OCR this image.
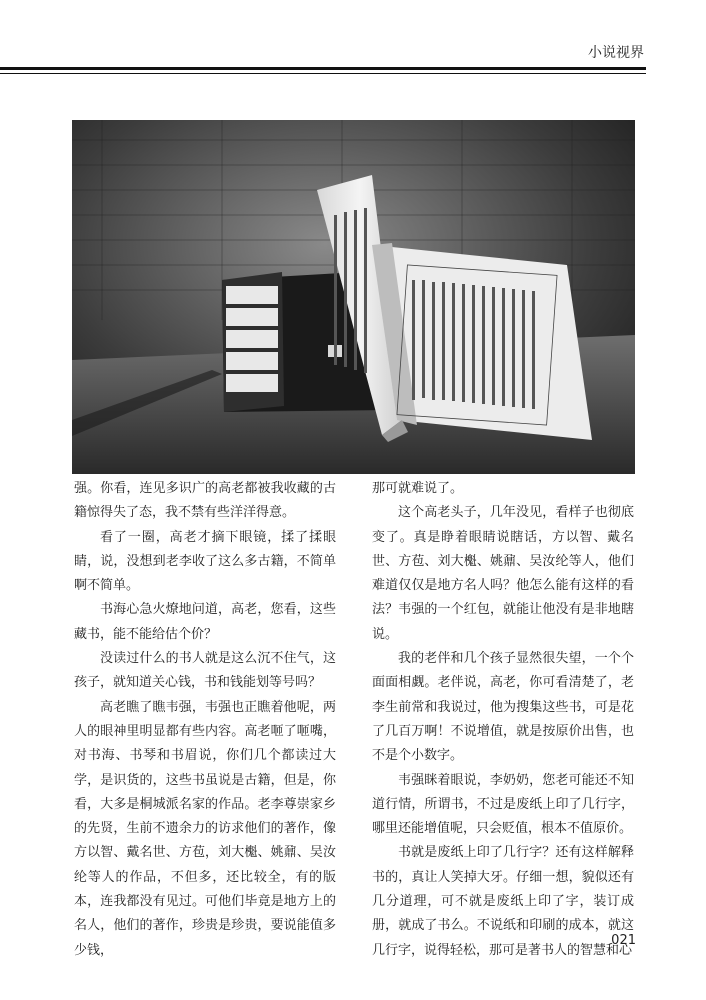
小说视界

强。你看，连见多识广的高老都被我收藏的古籍惊得失了态，我不禁有些洋洋得意。

看了一圈，高老才摘下眼镜，揉了揉眼睛，说，没想到老李收了这么多古籍，不简单啊不简单。

书海心急火燎地问道，高老，您看，这些藏书，能不能给估个价？

没读过什么的书人就是这么沉不住气，这孩子，就知道关心钱，书和钱能划等号吗？

高老瞧了瞧韦强，韦强也正瞧着他呢，两人的眼神里明显都有些内容。高老咂了咂嘴，对书海、书琴和书眉说，你们几个都读过大学，是识货的，这些书虽说是古籍，但是，你看，大多是桐城派名家的作品。老李尊崇家乡的先贤，生前不遗余力的访求他们的著作，像方以智、戴名世、方苞，刘大櫆、姚鼐、吴汝纶等人的作品，不但多，还比较全，有的版本，连我都没有见过。可他们毕竟是地方上的名人，他们的著作，珍贵是珍贵，要说能值多少钱，

那可就难说了。

这个高老头子，几年没见，看样子也彻底变了。真是睁着眼睛说瞎话，方以智、戴名世、方苞、刘大櫆、姚鼐、吴汝纶等人，他们难道仅仅是地方名人吗？他怎么能有这样的看法？韦强的一个红包，就能让他没有是非地瞎说。

我的老伴和几个孩子显然很失望，一个个面面相觑。老伴说，高老，你可看清楚了，老李生前常和我说过，他为搜集这些书，可是花了几百万啊！不说增值，就是按原价出售，也不是个小数字。

韦强眯着眼说，李奶奶，您老可能还不知道行情，所谓书，不过是废纸上印了几行字，哪里还能增值呢，只会贬值，根本不值原价。

书就是废纸上印了几行字？还有这样解释书的，真让人笑掉大牙。仔细一想，貌似还有几分道理，可不就是废纸上印了字，装订成册，就成了书么。不说纸和印刷的成本，就这几行字，说得轻松，那可是著书人的智慧和心

021
